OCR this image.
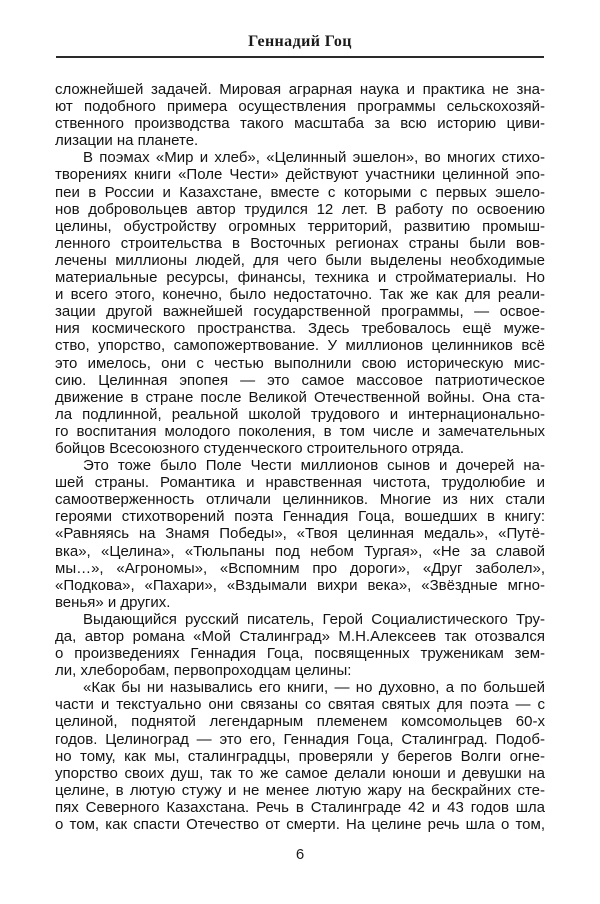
Геннадий Гоц
сложнейшей задачей. Мировая аграрная наука и практика не зна-
ют подобного примера осуществления программы сельскохозяй-
ственного производства такого масштаба за всю историю циви-
лизации на планете.
В поэмах «Мир и хлеб», «Целинный эшелон», во многих стихо-
творениях книги «Поле Чести» действуют участники целинной эпо-
пеи в России и Казахстане, вместе с которыми с первых эшело-
нов добровольцев автор трудился 12 лет. В работу по освоению
целины, обустройству огромных территорий, развитию промыш-
ленного строительства в Восточных регионах страны были вов-
лечены миллионы людей, для чего были выделены необходимые
материальные ресурсы, финансы, техника и стройматериалы. Но
и всего этого, конечно, было недостаточно. Так же как для реали-
зации другой важнейшей государственной программы, — освое-
ния космического пространства. Здесь требовалось ещё муже-
ство, упорство, самопожертвование. У миллионов целинников всё
это имелось, они с честью выполнили свою историческую мис-
сию. Целинная эпопея — это самое массовое патриотическое
движение в стране после Великой Отечественной войны. Она ста-
ла подлинной, реальной школой трудового и интернационально-
го воспитания молодого поколения, в том числе и замечательных
бойцов Всесоюзного студенческого строительного отряда.
Это тоже было Поле Чести миллионов сынов и дочерей на-
шей страны. Романтика и нравственная чистота, трудолюбие и
самоотверженность отличали целинников. Многие из них стали
героями стихотворений поэта Геннадия Гоца, вошедших в книгу:
«Равняясь на Знамя Победы», «Твоя целинная медаль», «Путё-
вка», «Целина», «Тюльпаны под небом Тургая», «Не за славой
мы…», «Агрономы», «Вспомним про дороги», «Друг заболел»,
«Подкова», «Пахари», «Вздымали вихри века», «Звёздные мгно-
венья» и других.
Выдающийся русский писатель, Герой Социалистического Тру-
да, автор романа «Мой Сталинград» М.Н.Алексеев так отозвался
о произведениях Геннадия Гоца, посвященных труженикам зем-
ли, хлеборобам, первопроходцам целины:
«Как бы ни назывались его книги, — но духовно, а по большей
части и текстуально они связаны со святая святых для поэта — с
целиной, поднятой легендарным племенем комсомольцев 60-х
годов. Целиноград — это его, Геннадия Гоца, Сталинград. Подоб-
но тому, как мы, сталинградцы, проверяли у берегов Волги огне-
упорство своих душ, так то же самое делали юноши и девушки на
целине, в лютую стужу и не менее лютую жару на бескрайних сте-
пях Северного Казахстана. Речь в Сталинграде 42 и 43 годов шла
о том, как спасти Отечество от смерти. На целине речь шла о том,
6
